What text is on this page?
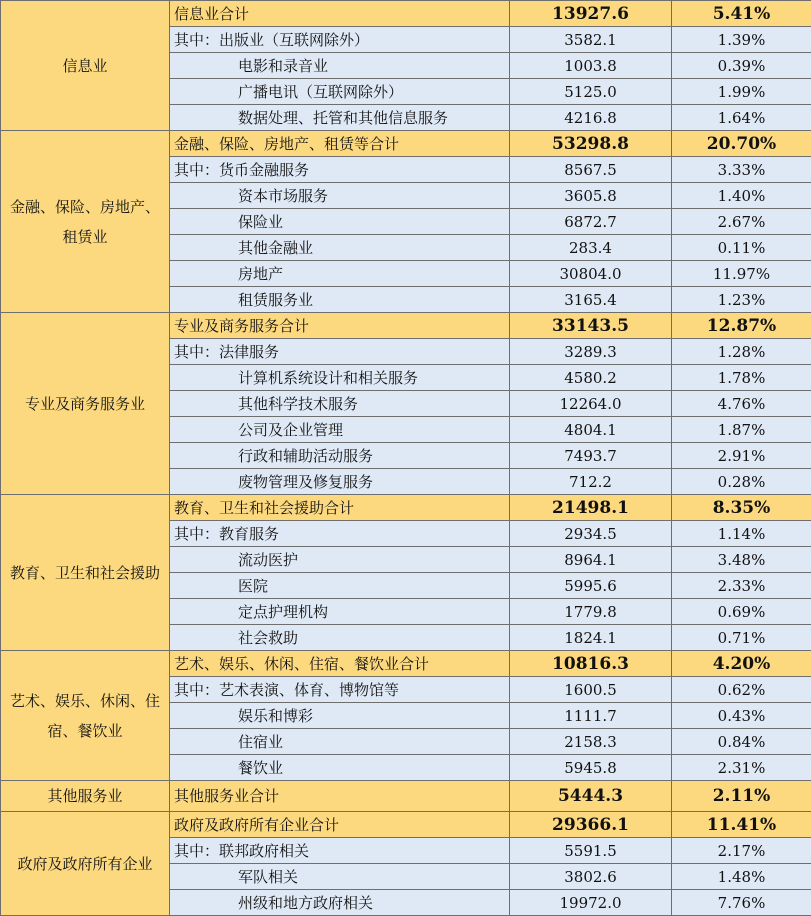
信息业	信息业合计	13927.6	5.41%
	其中：出版业（互联网除外）	3582.1	1.39%
	电影和录音业	1003.8	0.39%
	广播电讯（互联网除外）	5125.0	1.99%
	数据处理、托管和其他信息服务	4216.8	1.64%
金融、保险、房地产、租赁业	金融、保险、房地产、租赁等合计	53298.8	20.70%
	其中：货币金融服务	8567.5	3.33%
	资本市场服务	3605.8	1.40%
	保险业	6872.7	2.67%
	其他金融业	283.4	0.11%
	房地产	30804.0	11.97%
	租赁服务业	3165.4	1.23%
专业及商务服务业	专业及商务服务合计	33143.5	12.87%
	其中：法律服务	3289.3	1.28%
	计算机系统设计和相关服务	4580.2	1.78%
	其他科学技术服务	12264.0	4.76%
	公司及企业管理	4804.1	1.87%
	行政和辅助活动服务	7493.7	2.91%
	废物管理及修复服务	712.2	0.28%
教育、卫生和社会援助	教育、卫生和社会援助合计	21498.1	8.35%
	其中：教育服务	2934.5	1.14%
	流动医护	8964.1	3.48%
	医院	5995.6	2.33%
	定点护理机构	1779.8	0.69%
	社会救助	1824.1	0.71%
艺术、娱乐、休闲、住宿、餐饮业	艺术、娱乐、休闲、住宿、餐饮业合计	10816.3	4.20%
	其中：艺术表演、体育、博物馆等	1600.5	0.62%
	娱乐和博彩	1111.7	0.43%
	住宿业	2158.3	0.84%
	餐饮业	5945.8	2.31%
其他服务业	其他服务业合计	5444.3	2.11%
政府及政府所有企业	政府及政府所有企业合计	29366.1	11.41%
	其中：联邦政府相关	5591.5	2.17%
	军队相关	3802.6	1.48%
	州级和地方政府相关	19972.0	7.76%
